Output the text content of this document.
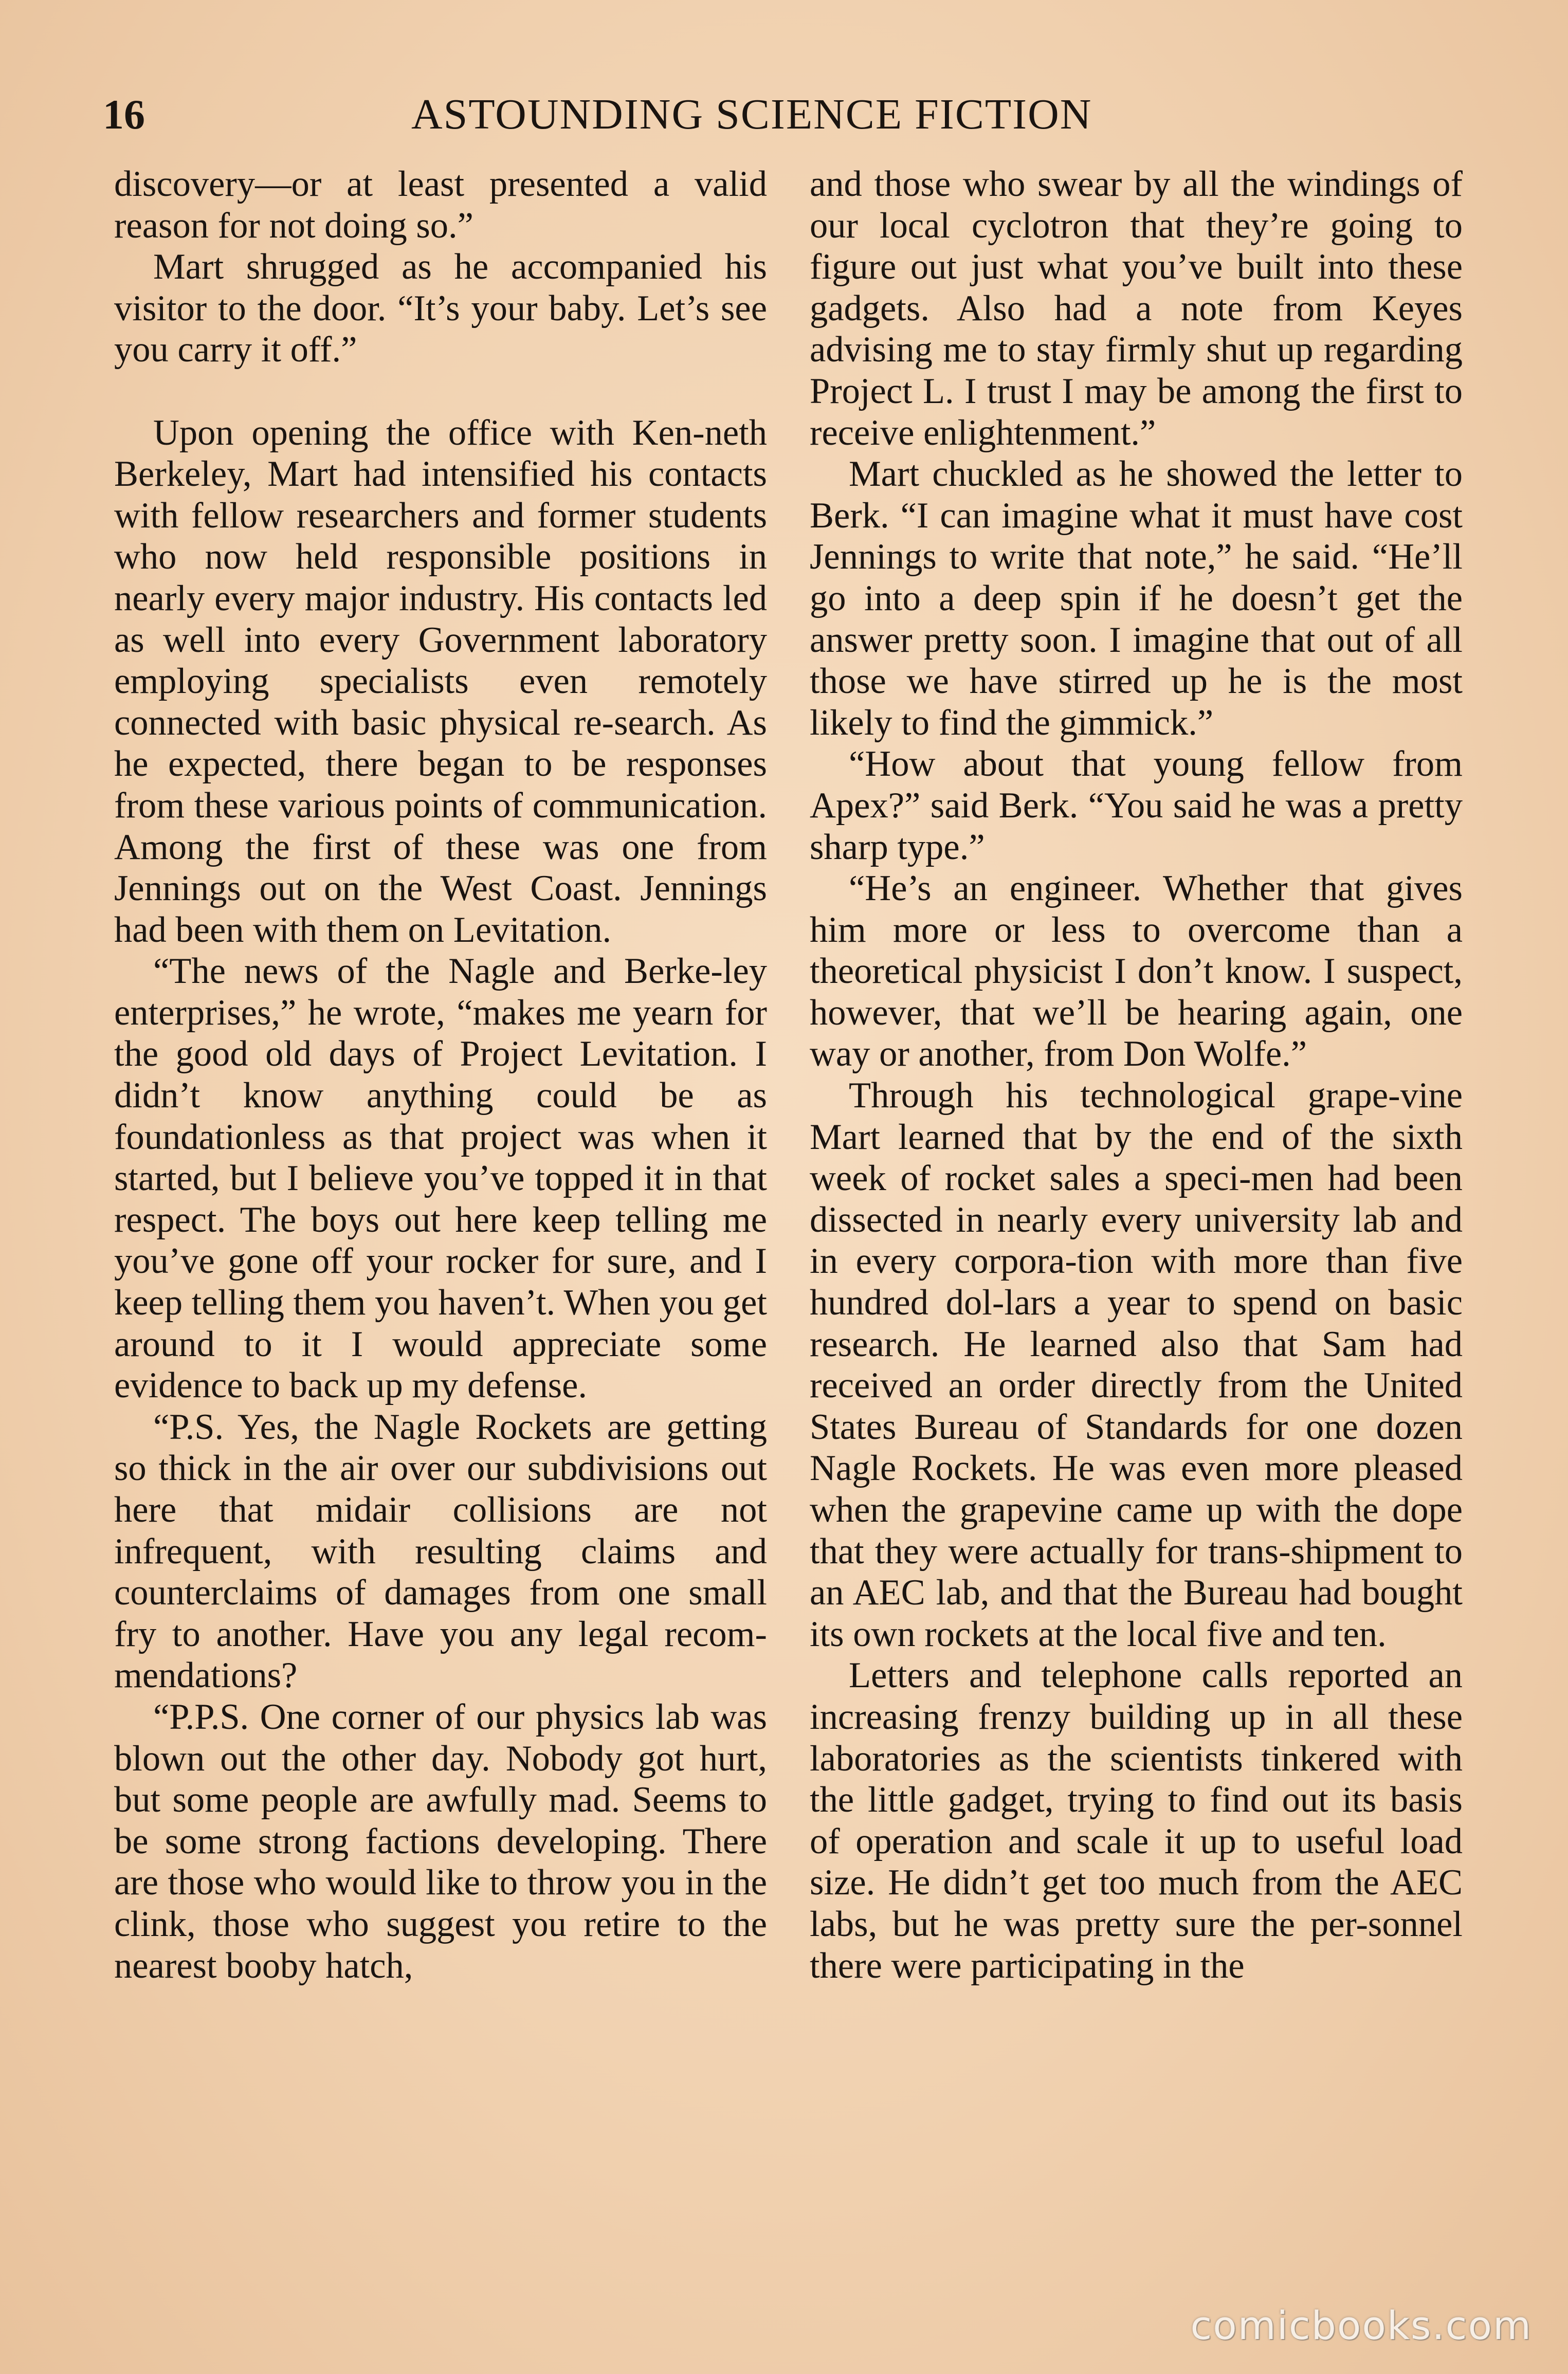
16	ASTOUNDING SCIENCE FICTION

discovery—or at least presented a valid reason for not doing so.”

Mart shrugged as he accompanied his visitor to the door. “It’s your baby. Let’s see you carry it off.”

Upon opening the office with Ken-neth Berkeley, Mart had intensified his contacts with fellow researchers and former students who now held responsible positions in nearly every major industry. His contacts led as well into every Government laboratory employing specialists even remotely connected with basic physical re-search. As he expected, there began to be responses from these various points of communication. Among the first of these was one from Jennings out on the West Coast. Jennings had been with them on Levitation.

“The news of the Nagle and Berke-ley enterprises,” he wrote, “makes me yearn for the good old days of Project Levitation. I didn’t know anything could be as foundationless as that project was when it started, but I believe you’ve topped it in that respect. The boys out here keep telling me you’ve gone off your rocker for sure, and I keep telling them you haven’t. When you get around to it I would appreciate some evidence to back up my defense.

“P.S. Yes, the Nagle Rockets are getting so thick in the air over our subdivisions out here that midair collisions are not infrequent, with resulting claims and counterclaims of damages from one small fry to another. Have you any legal recom-mendations?

“P.P.S. One corner of our physics lab was blown out the other day. Nobody got hurt, but some people are awfully mad. Seems to be some strong factions developing. There are those who would like to throw you in the clink, those who suggest you retire to the nearest booby hatch,

and those who swear by all the windings of our local cyclotron that they’re going to figure out just what you’ve built into these gadgets. Also had a note from Keyes advising me to stay firmly shut up regarding Project L. I trust I may be among the first to receive enlightenment.”

Mart chuckled as he showed the letter to Berk. “I can imagine what it must have cost Jennings to write that note,” he said. “He’ll go into a deep spin if he doesn’t get the answer pretty soon. I imagine that out of all those we have stirred up he is the most likely to find the gimmick.”

“How about that young fellow from Apex?” said Berk. “You said he was a pretty sharp type.”

“He’s an engineer. Whether that gives him more or less to overcome than a theoretical physicist I don’t know. I suspect, however, that we’ll be hearing again, one way or another, from Don Wolfe.”

Through his technological grape-vine Mart learned that by the end of the sixth week of rocket sales a speci-men had been dissected in nearly every university lab and in every corpora-tion with more than five hundred dol-lars a year to spend on basic research. He learned also that Sam had received an order directly from the United States Bureau of Standards for one dozen Nagle Rockets. He was even more pleased when the grapevine came up with the dope that they were actually for trans-shipment to an AEC lab, and that the Bureau had bought its own rockets at the local five and ten.

Letters and telephone calls reported an increasing frenzy building up in all these laboratories as the scientists tinkered with the little gadget, trying to find out its basis of operation and scale it up to useful load size. He didn’t get too much from the AEC labs, but he was pretty sure the per-sonnel there were participating in the

comicbooks.com
